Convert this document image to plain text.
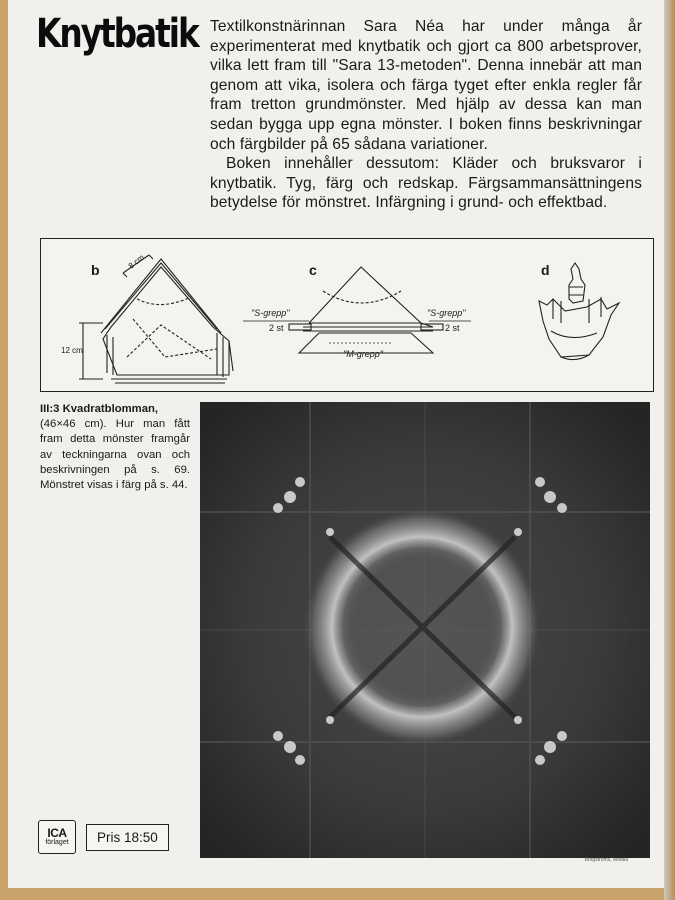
Knytbatik Textilkonstnärinnan Sara Néa har under många år experimenterat med knytbatik och gjort ca 800 arbetsprover, vilka lett fram till "Sara 13-metoden". Denna innebär att man genom att vika, isolera och färga tyget efter enkla regler får fram tretton grundmönster. Med hjälp av dessa kan man sedan bygga upp egna mönster. I boken finns beskrivningar och färgbilder på 65 sådana variationer.

Boken innehåller dessutom: Kläder och bruksvaror i knytbatik. Tyg, färg och redskap. Färgsammansättningens betydelse för mönstret. Infärgning i grund- och effektbad.

b	c	d
8 cm
12 cm
"S-grepp"	"S-grepp"
2 st	2 st
"M-grepp"
III:3 Kvadratblomman,
(46×46 cm). Hur man fått fram detta mönster framgår av teckningarna ovan och beskrivningen på s. 69. Mönstret visas i färg på s. 44.
Borgströms, Motala
ICA
förlaget	Pris 18:50
